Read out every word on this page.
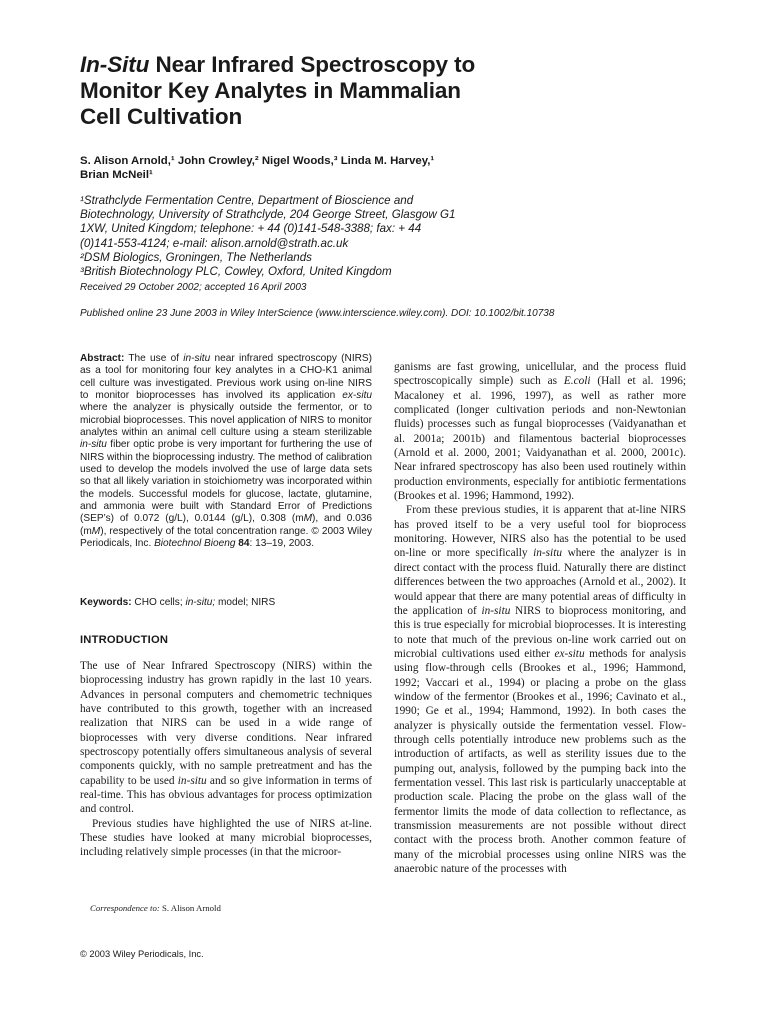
In-Situ Near Infrared Spectroscopy to
Monitor Key Analytes in Mammalian
Cell Cultivation
S. Alison Arnold,¹ John Crowley,² Nigel Woods,³ Linda M. Harvey,¹
Brian McNeil¹
¹Strathclyde Fermentation Centre, Department of Bioscience and
Biotechnology, University of Strathclyde, 204 George Street, Glasgow G1
1XW, United Kingdom; telephone: + 44 (0)141-548-3388; fax: + 44
(0)141-553-4124; e-mail: alison.arnold@strath.ac.uk
²DSM Biologics, Groningen, The Netherlands
³British Biotechnology PLC, Cowley, Oxford, United Kingdom
Received 29 October 2002; accepted 16 April 2003
Published online 23 June 2003 in Wiley InterScience (www.interscience.wiley.com). DOI: 10.1002/bit.10738
Abstract: The use of in-situ near infrared spectroscopy (NIRS) as a tool for monitoring four key analytes in a CHO-K1 animal cell culture was investigated. Previous work using on-line NIRS to monitor bioprocesses has involved its application ex-situ where the analyzer is physically outside the fermentor, or to microbial bioprocesses. This novel application of NIRS to monitor analytes within an animal cell culture using a steam sterilizable in-situ fiber optic probe is very important for furthering the use of NIRS within the bioprocessing industry. The method of calibration used to develop the models involved the use of large data sets so that all likely variation in stoichiometry was incorporated within the models. Successful models for glucose, lactate, glutamine, and ammonia were built with Standard Error of Predictions (SEP’s) of 0.072 (g/L), 0.0144 (g/L), 0.308 (mM), and 0.036 (mM), respectively of the total concentration range. © 2003 Wiley Periodicals, Inc. Biotechnol Bioeng 84: 13–19, 2003.
Keywords: CHO cells; in-situ; model; NIRS
INTRODUCTION

The use of Near Infrared Spectroscopy (NIRS) within the bioprocessing industry has grown rapidly in the last 10 years. Advances in personal computers and chemometric techniques have contributed to this growth, together with an increased realization that NIRS can be used in a wide range of bioprocesses with very diverse conditions. Near infrared spectroscopy potentially offers simultaneous analysis of several components quickly, with no sample pretreatment and has the capability to be used in-situ and so give information in terms of real-time. This has obvious advantages for process optimization and control.

Previous studies have highlighted the use of NIRS at-line. These studies have looked at many microbial bioprocesses, including relatively simple processes (in that the microor-

Correspondence to: S. Alison Arnold
© 2003 Wiley Periodicals, Inc.

ganisms are fast growing, unicellular, and the process fluid spectroscopically simple) such as E.coli (Hall et al. 1996; Macaloney et al. 1996, 1997), as well as rather more complicated (longer cultivation periods and non-Newtonian fluids) processes such as fungal bioprocesses (Vaidyanathan et al. 2001a; 2001b) and filamentous bacterial bioprocesses (Arnold et al. 2000, 2001; Vaidyanathan et al. 2000, 2001c). Near infrared spectroscopy has also been used routinely within production environments, especially for antibiotic fermentations (Brookes et al. 1996; Hammond, 1992).

From these previous studies, it is apparent that at-line NIRS has proved itself to be a very useful tool for bioprocess monitoring. However, NIRS also has the potential to be used on-line or more specifically in-situ where the analyzer is in direct contact with the process fluid. Naturally there are distinct differences between the two approaches (Arnold et al., 2002). It would appear that there are many potential areas of difficulty in the application of in-situ NIRS to bioprocess monitoring, and this is true especially for microbial bioprocesses. It is interesting to note that much of the previous on-line work carried out on microbial cultivations used either ex-situ methods for analysis using flow-through cells (Brookes et al., 1996; Hammond, 1992; Vaccari et al., 1994) or placing a probe on the glass window of the fermentor (Brookes et al., 1996; Cavinato et al., 1990; Ge et al., 1994; Hammond, 1992). In both cases the analyzer is physically outside the fermentation vessel. Flow-through cells potentially introduce new problems such as the introduction of artifacts, as well as sterility issues due to the pumping out, analysis, followed by the pumping back into the fermentation vessel. This last risk is particularly unacceptable at production scale. Placing the probe on the glass wall of the fermentor limits the mode of data collection to reflectance, as transmission measurements are not possible without direct contact with the process broth. Another common feature of many of the microbial processes using online NIRS was the anaerobic nature of the processes with
